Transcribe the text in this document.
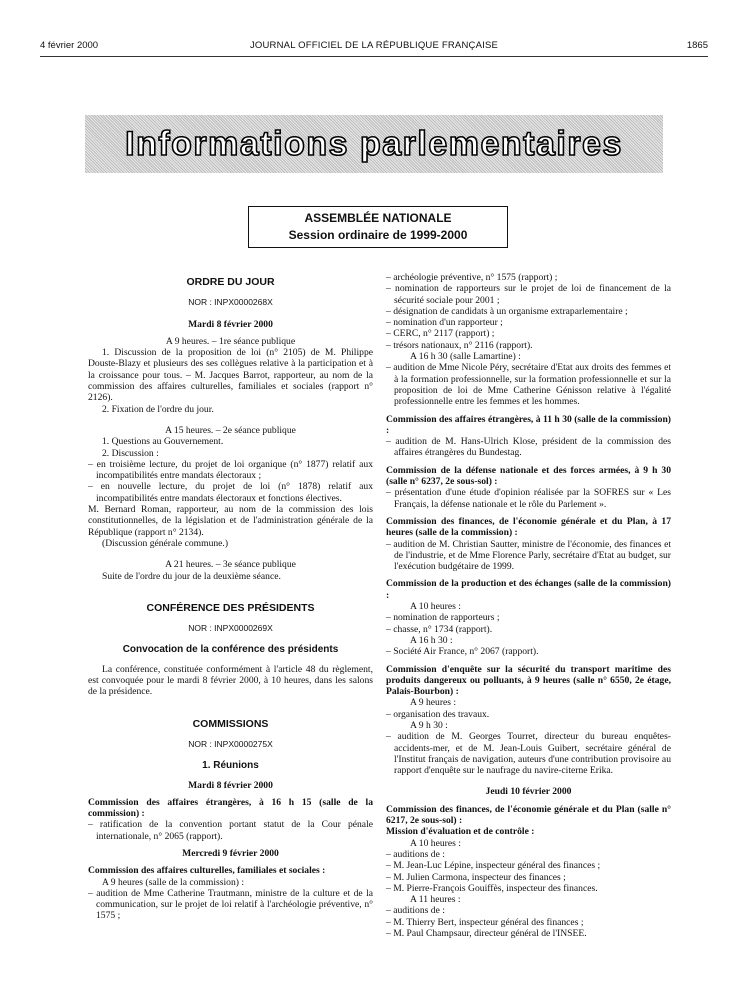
4 février 2000	JOURNAL OFFICIEL DE LA RÉPUBLIQUE FRANÇAISE	1865
Informations parlementaires
ASSEMBLÉE NATIONALE
Session ordinaire de 1999-2000

ORDRE DU JOUR

NOR : INPX0000268X

Mardi 8 février 2000

A 9 heures. – 1re séance publique

1. Discussion de la proposition de loi (n° 2105) de M. Philippe Douste-Blazy et plusieurs des ses collègues relative à la participation et à la croissance pour tous. – M. Jacques Barrot, rapporteur, au nom de la commission des affaires culturelles, familiales et sociales (rapport n° 2126).

2. Fixation de l'ordre du jour.

A 15 heures. – 2e séance publique

1. Questions au Gouvernement.

2. Discussion :

– en troisième lecture, du projet de loi organique (n° 1877) relatif aux incompatibilités entre mandats électoraux ;

– en nouvelle lecture, du projet de loi (n° 1878) relatif aux incompatibilités entre mandats électoraux et fonctions électives.

M. Bernard Roman, rapporteur, au nom de la commission des lois constitutionnelles, de la législation et de l'administration générale de la République (rapport n° 2134).

(Discussion générale commune.)

A 21 heures. – 3e séance publique

Suite de l'ordre du jour de la deuxième séance.

CONFÉRENCE DES PRÉSIDENTS

NOR : INPX0000269X

Convocation de la conférence des présidents

La conférence, constituée conformément à l'article 48 du règlement, est convoquée pour le mardi 8 février 2000, à 10 heures, dans les salons de la présidence.

COMMISSIONS

NOR : INPX0000275X

1. Réunions

Mardi 8 février 2000

Commission des affaires étrangères, à 16 h 15 (salle de la commission) :

– ratification de la convention portant statut de la Cour pénale internationale, n° 2065 (rapport).

Mercredi 9 février 2000

Commission des affaires culturelles, familiales et sociales :

A 9 heures (salle de la commission) :

– audition de Mme Catherine Trautmann, ministre de la culture et de la communication, sur le projet de loi relatif à l'archéologie préventive, n° 1575 ;

– archéologie préventive, n° 1575 (rapport) ;

– nomination de rapporteurs sur le projet de loi de financement de la sécurité sociale pour 2001 ;

– désignation de candidats à un organisme extraparlementaire ;

– nomination d'un rapporteur ;

– CERC, n° 2117 (rapport) ;

– trésors nationaux, n° 2116 (rapport).

A 16 h 30 (salle Lamartine) :

– audition de Mme Nicole Péry, secrétaire d'Etat aux droits des femmes et à la formation professionnelle, sur la formation professionnelle et sur la proposition de loi de Mme Catherine Génisson relative à l'égalité professionnelle entre les femmes et les hommes.

Commission des affaires étrangères, à 11 h 30 (salle de la commission) :

– audition de M. Hans-Ulrich Klose, président de la commission des affaires étrangères du Bundestag.

Commission de la défense nationale et des forces armées, à 9 h 30 (salle n° 6237, 2e sous-sol) :

– présentation d'une étude d'opinion réalisée par la SOFRES sur « Les Français, la défense nationale et le rôle du Parlement ».

Commission des finances, de l'économie générale et du Plan, à 17 heures (salle de la commission) :

– audition de M. Christian Sautter, ministre de l'économie, des finances et de l'industrie, et de Mme Florence Parly, secrétaire d'Etat au budget, sur l'exécution budgétaire de 1999.

Commission de la production et des échanges (salle de la commission) :

A 10 heures :

– nomination de rapporteurs ;

– chasse, n° 1734 (rapport).

A 16 h 30 :

– Société Air France, n° 2067 (rapport).

Commission d'enquête sur la sécurité du transport maritime des produits dangereux ou polluants, à 9 heures (salle n° 6550, 2e étage, Palais-Bourbon) :

A 9 heures :

– organisation des travaux.

A 9 h 30 :

– audition de M. Georges Tourret, directeur du bureau enquêtes-accidents-mer, et de M. Jean-Louis Guibert, secrétaire général de l'Institut français de navigation, auteurs d'une contribution provisoire au rapport d'enquête sur le naufrage du navire-citerne Erika.

Jeudi 10 février 2000

Commission des finances, de l'économie générale et du Plan (salle n° 6217, 2e sous-sol) :

Mission d'évaluation et de contrôle :

A 10 heures :

– auditions de :

– M. Jean-Luc Lépine, inspecteur général des finances ;

– M. Julien Carmona, inspecteur des finances ;

– M. Pierre-François Gouiffès, inspecteur des finances.

A 11 heures :

– auditions de :

– M. Thierry Bert, inspecteur général des finances ;

– M. Paul Champsaur, directeur général de l'INSEE.
